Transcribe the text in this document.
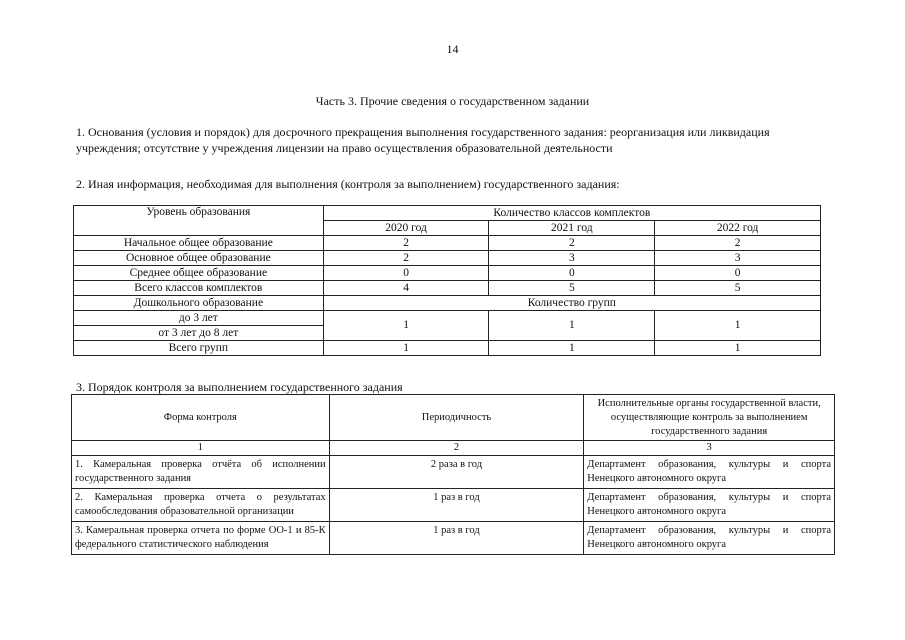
14
Часть 3. Прочие сведения о государственном задании
1. Основания (условия и порядок) для досрочного прекращения выполнения государственного задания: реорганизация или ликвидация учреждения; отсутствие у учреждения лицензии на право осуществления образовательной деятельности
2. Иная информация, необходимая для выполнения (контроля за выполнением) государственного задания:
Уровень образования	Количество классов комплектов		
	2020 год	2021 год	2022 год
Начальное общее образование	2	2	2
Основное общее образование	2	3	3
Среднее общее образование	0	0	0
Всего классов комплектов	4	5	5
Дошкольного образование	Количество групп		
до 3 лет	1	1	1
от 3 лет до 8 лет			
Всего групп	1	1	1
3. Порядок контроля за выполнением государственного задания
Форма контроля	Периодичность	Исполнительные органы государственной власти, осуществляющие контроль за выполнением государственного задания
1	2	3
1. Камеральная проверка отчёта об исполнении государственного задания	2 раза в год	Департамент образования, культуры и спорта Ненецкого автономного округа
2. Камеральная проверка отчета о результатах самообследования образовательной организации	1 раз в год	Департамент образования, культуры и спорта Ненецкого автономного округа
3. Камеральная проверка отчета по форме ОО-1 и 85-К федерального статистического наблюдения	1 раз в год	Департамент образования, культуры и спорта Ненецкого автономного округа
